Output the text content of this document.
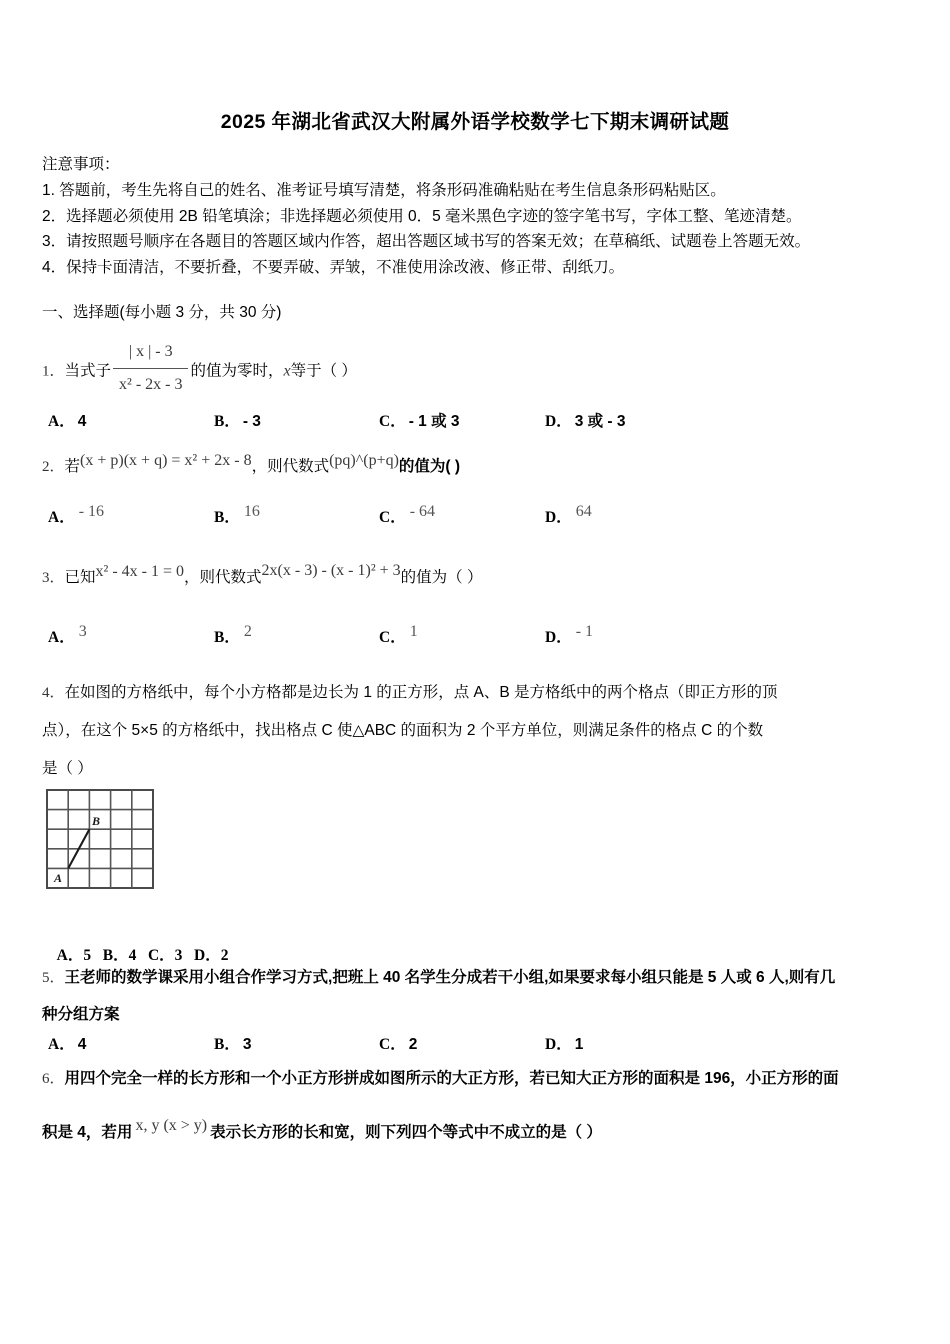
2025 年湖北省武汉大附属外语学校数学七下期末调研试题
注意事项：
1. 答题前，考生先将自己的姓名、准考证号填写清楚，将条形码准确粘贴在考生信息条形码粘贴区。
2．选择题必须使用 2B 铅笔填涂；非选择题必须使用 0．5 毫米黑色字迹的签字笔书写，字体工整、笔迹清楚。
3．请按照题号顺序在各题目的答题区域内作答，超出答题区域书写的答案无效；在草稿纸、试题卷上答题无效。
4．保持卡面清洁，不要折叠，不要弄破、弄皱，不准使用涂改液、修正带、刮纸刀。
一、选择题(每小题 3 分，共 30 分)
1．当式子 $\frac{| x | - 3}{\text{x² - 2x - 3}}$ 的值为零时，x等于（ ）
A． 4	B． - 3	C． - 1 或 3	D． 3 或 - 3
2．若(x + p)(x + q) = x² + 2x - 8，则代数式(pq)^(p+q)的值为( )
A． - 16	B． 16	C． - 64	D． 64
3．已知x² - 4x - 1 = 0，则代数式2x(x - 3) - (x - 1)² + 3的值为（ ）
A． 3	B． 2	C． 1	D． - 1
4．在如图的方格纸中，每个小方格都是边长为 1 的正方形，点 A、B 是方格纸中的两个格点（即正方形的顶
点），在这个 5×5 的方格纸中，找出格点 C 使△ABC 的面积为 2 个平方单位，则满足条件的格点 C 的个数
是（ ）
A
B

A．5   B．4   C．3   D．2

5．王老师的数学课采用小组合作学习方式,把班上 40 名学生分成若干小组,如果要求每小组只能是 5 人或 6 人,则有几
种分组方案
A． 4	B． 3	C． 2	D． 1
6．用四个完全一样的长方形和一个小正方形拼成如图所示的大正方形，若已知大正方形的面积是 196，小正方形的面
积是 4，若用 x, y (x > y) 表示长方形的长和宽，则下列四个等式中不成立的是（ ）
